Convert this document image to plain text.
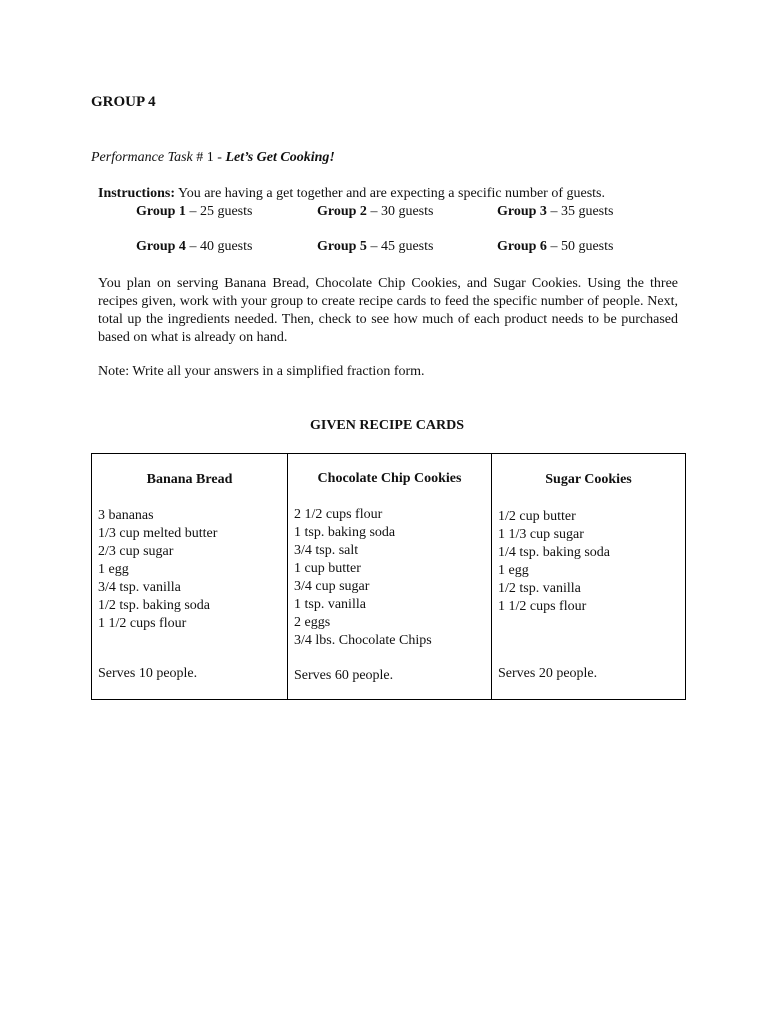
GROUP 4
Performance Task # 1 - Let’s Get Cooking!
Instructions: You are having a get together and are expecting a specific number of guests.
Group 1 – 25 guests	Group 2 – 30 guests	Group 3 – 35 guests
Group 4 – 40 guests	Group 5 – 45 guests	Group 6 – 50 guests
You plan on serving Banana Bread, Chocolate Chip Cookies, and Sugar Cookies. Using the three recipes given, work with your group to create recipe cards to feed the specific number of people. Next, total up the ingredients needed. Then, check to see how much of each product needs to be purchased based on what is already on hand.
Note: Write all your answers in a simplified fraction form.
GIVEN RECIPE CARDS
Banana Bread
3 bananas
1/3 cup melted butter
2/3 cup sugar
1 egg
3/4 tsp. vanilla
1/2 tsp. baking soda
1 1/2 cups flour
Serves 10 people.
Chocolate Chip Cookies
2 1/2 cups flour
1 tsp. baking soda
3/4 tsp. salt
1 cup butter
3/4 cup sugar
1 tsp. vanilla
2 eggs
3/4 lbs. Chocolate Chips
Serves 60 people.
Sugar Cookies
1/2 cup butter
1 1/3 cup sugar
1/4 tsp. baking soda
1 egg
1/2 tsp. vanilla
1 1/2 cups flour
Serves 20 people.
